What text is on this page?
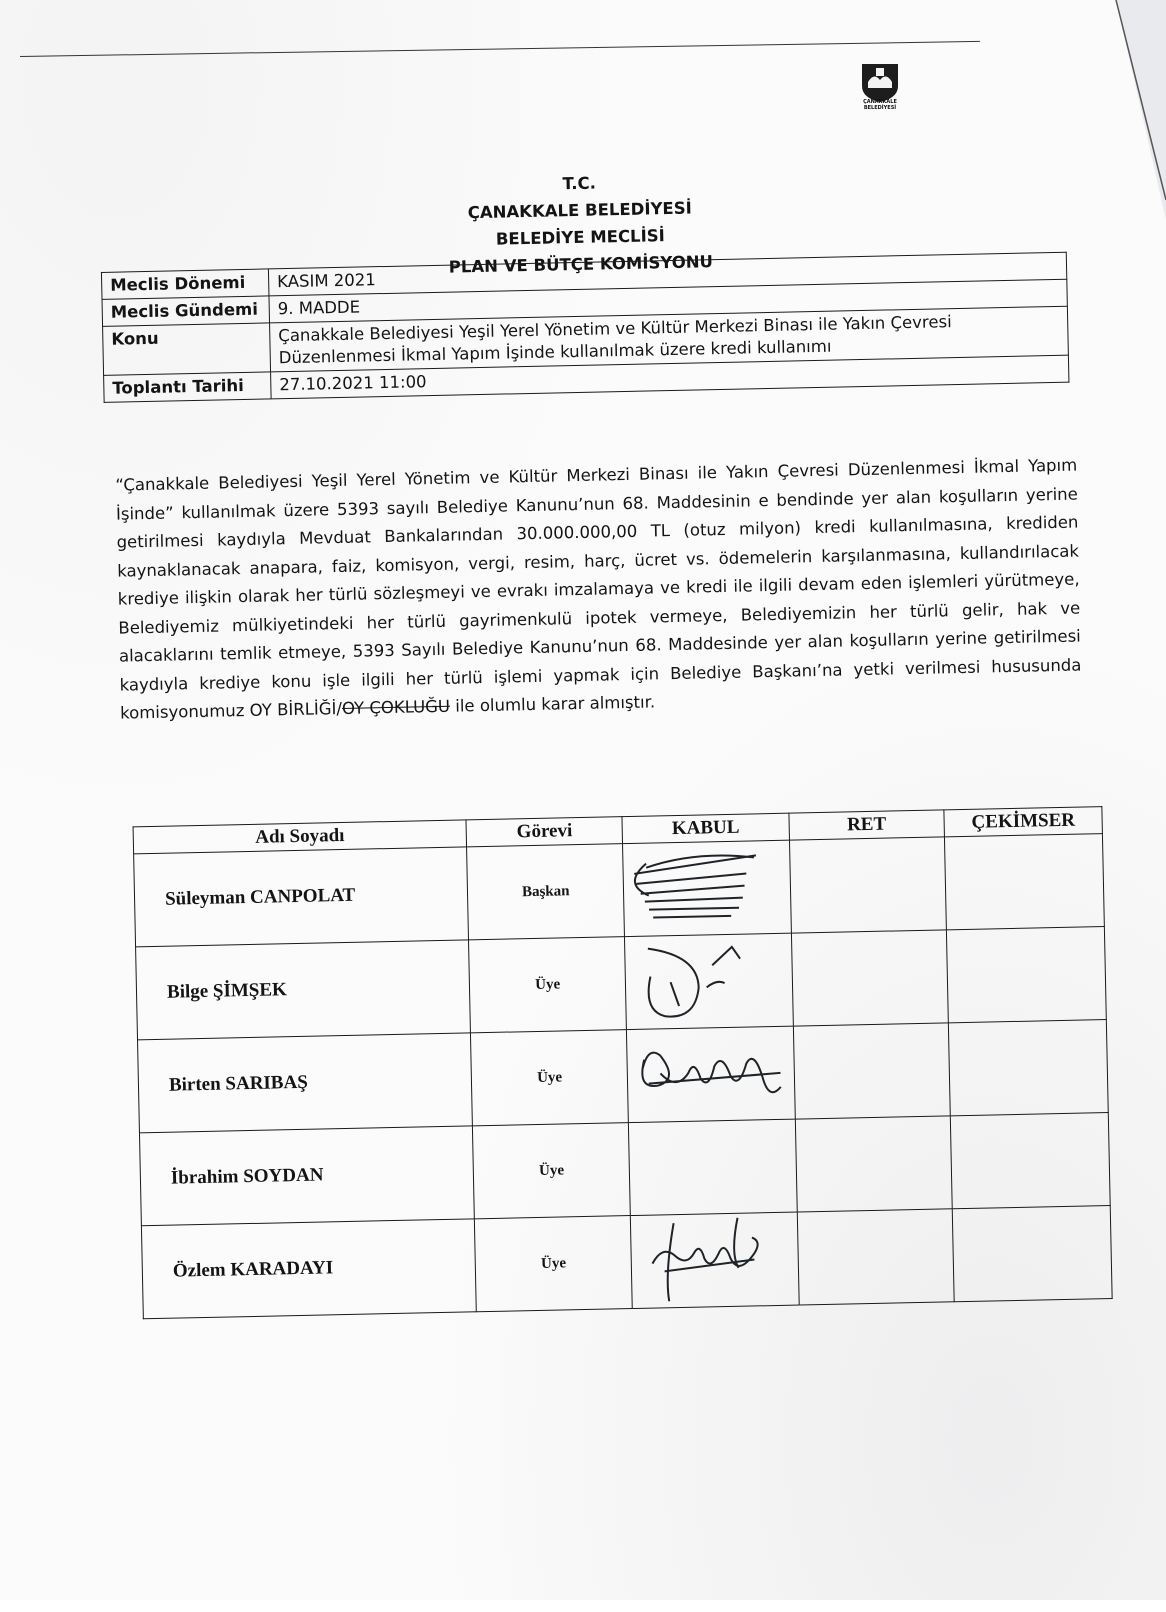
ÇANAKKALE BELEDİYESİ
T.C.
ÇANAKKALE BELEDİYESİ
BELEDİYE MECLİSİ
PLAN VE BÜTÇE KOMİSYONU
Meclis Dönemi	KASIM 2021
Meclis Gündemi	9. MADDE
Konu	Çanakkale Belediyesi Yeşil Yerel Yönetim ve Kültür Merkezi Binası ile Yakın Çevresi
Düzenlenmesi İkmal Yapım İşinde kullanılmak üzere kredi kullanımı

Toplantı Tarihi	27.10.2021 11:00
“Çanakkale Belediyesi Yeşil Yerel Yönetim ve Kültür Merkezi Binası ile Yakın Çevresi Düzenlenmesi İkmal Yapım İşinde” kullanılmak üzere 5393 sayılı Belediye Kanunu’nun 68. Maddesinin e bendinde yer alan koşulların yerine getirilmesi kaydıyla Mevduat Bankalarından 30.000.000,00 TL (otuz milyon) kredi kullanılmasına, krediden kaynaklanacak anapara, faiz, komisyon, vergi, resim, harç, ücret vs. ödemelerin karşılanmasına, kullandırılacak krediye ilişkin olarak her türlü sözleşmeyi ve evrakı imzalamaya ve kredi ile ilgili devam eden işlemleri yürütmeye, Belediyemiz mülkiyetindeki her türlü gayrimenkulü ipotek vermeye, Belediyemizin her türlü gelir, hak ve alacaklarını temlik etmeye, 5393 Sayılı Belediye Kanunu’nun 68. Maddesinde yer alan koşulların yerine getirilmesi kaydıyla krediye konu işle ilgili her türlü işlemi yapmak için Belediye Başkanı’na yetki verilmesi hususunda komisyonumuz OY BİRLİĞİ/OY ÇOKLUĞU ile olumlu karar almıştır.
Adı Soyadı	Görevi	KABUL	RET	ÇEKİMSER
Süleyman CANPOLAT	Başkan	

Bilge ŞİMŞEK	Üye	

Birten SARIBAŞ	Üye	

İbrahim SOYDAN	Üye			
Özlem KARADAYI	Üye	
